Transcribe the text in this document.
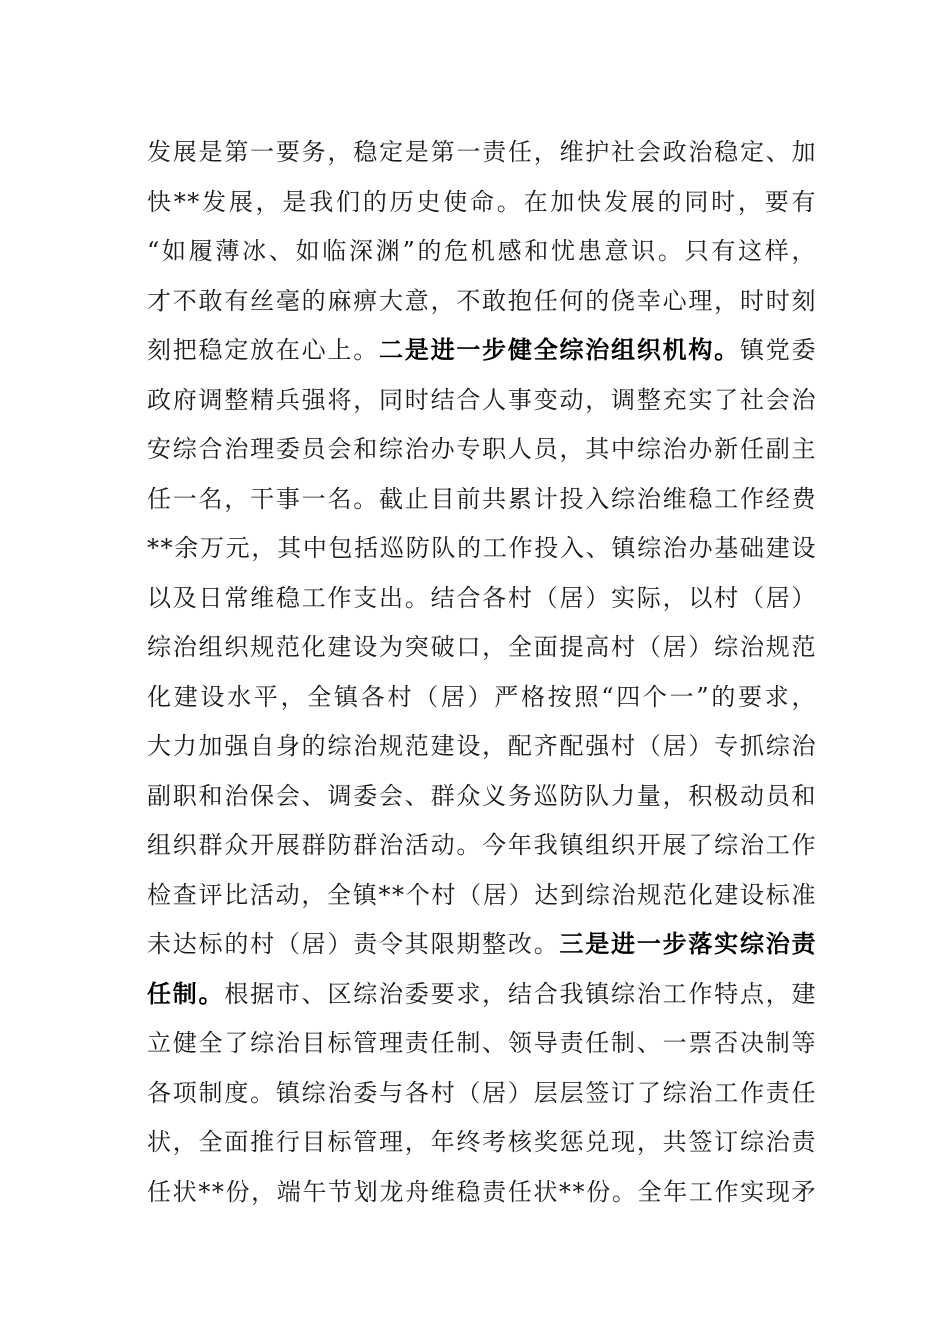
发展是第一要务，稳定是第一责任，维护社会政治稳定、加
快**发展，是我们的历史使命。在加快发展的同时，要有
“如履薄冰、如临深渊”的危机感和忧患意识。只有这样，
才不敢有丝毫的麻痹大意，不敢抱任何的侥幸心理，时时刻
刻把稳定放在心上。二是进一步健全综治组织机构。镇党委
政府调整精兵强将，同时结合人事变动，调整充实了社会治
安综合治理委员会和综治办专职人员，其中综治办新任副主
任一名，干事一名。截止目前共累计投入综治维稳工作经费
**余万元，其中包括巡防队的工作投入、镇综治办基础建设
以及日常维稳工作支出。结合各村（居）实际，以村（居）
综治组织规范化建设为突破口，全面提高村（居）综治规范
化建设水平，全镇各村（居）严格按照“四个一”的要求，
大力加强自身的综治规范建设，配齐配强村（居）专抓综治
副职和治保会、调委会、群众义务巡防队力量，积极动员和
组织群众开展群防群治活动。今年我镇组织开展了综治工作
检查评比活动，全镇**个村（居）达到综治规范化建设标准
未达标的村（居）责令其限期整改。三是进一步落实综治责
任制。根据市、区综治委要求，结合我镇综治工作特点，建
立健全了综治目标管理责任制、领导责任制、一票否决制等
各项制度。镇综治委与各村（居）层层签订了综治工作责任
状，全面推行目标管理，年终考核奖惩兑现，共签订综治责
任状**份，端午节划龙舟维稳责任状**份。全年工作实现矛
